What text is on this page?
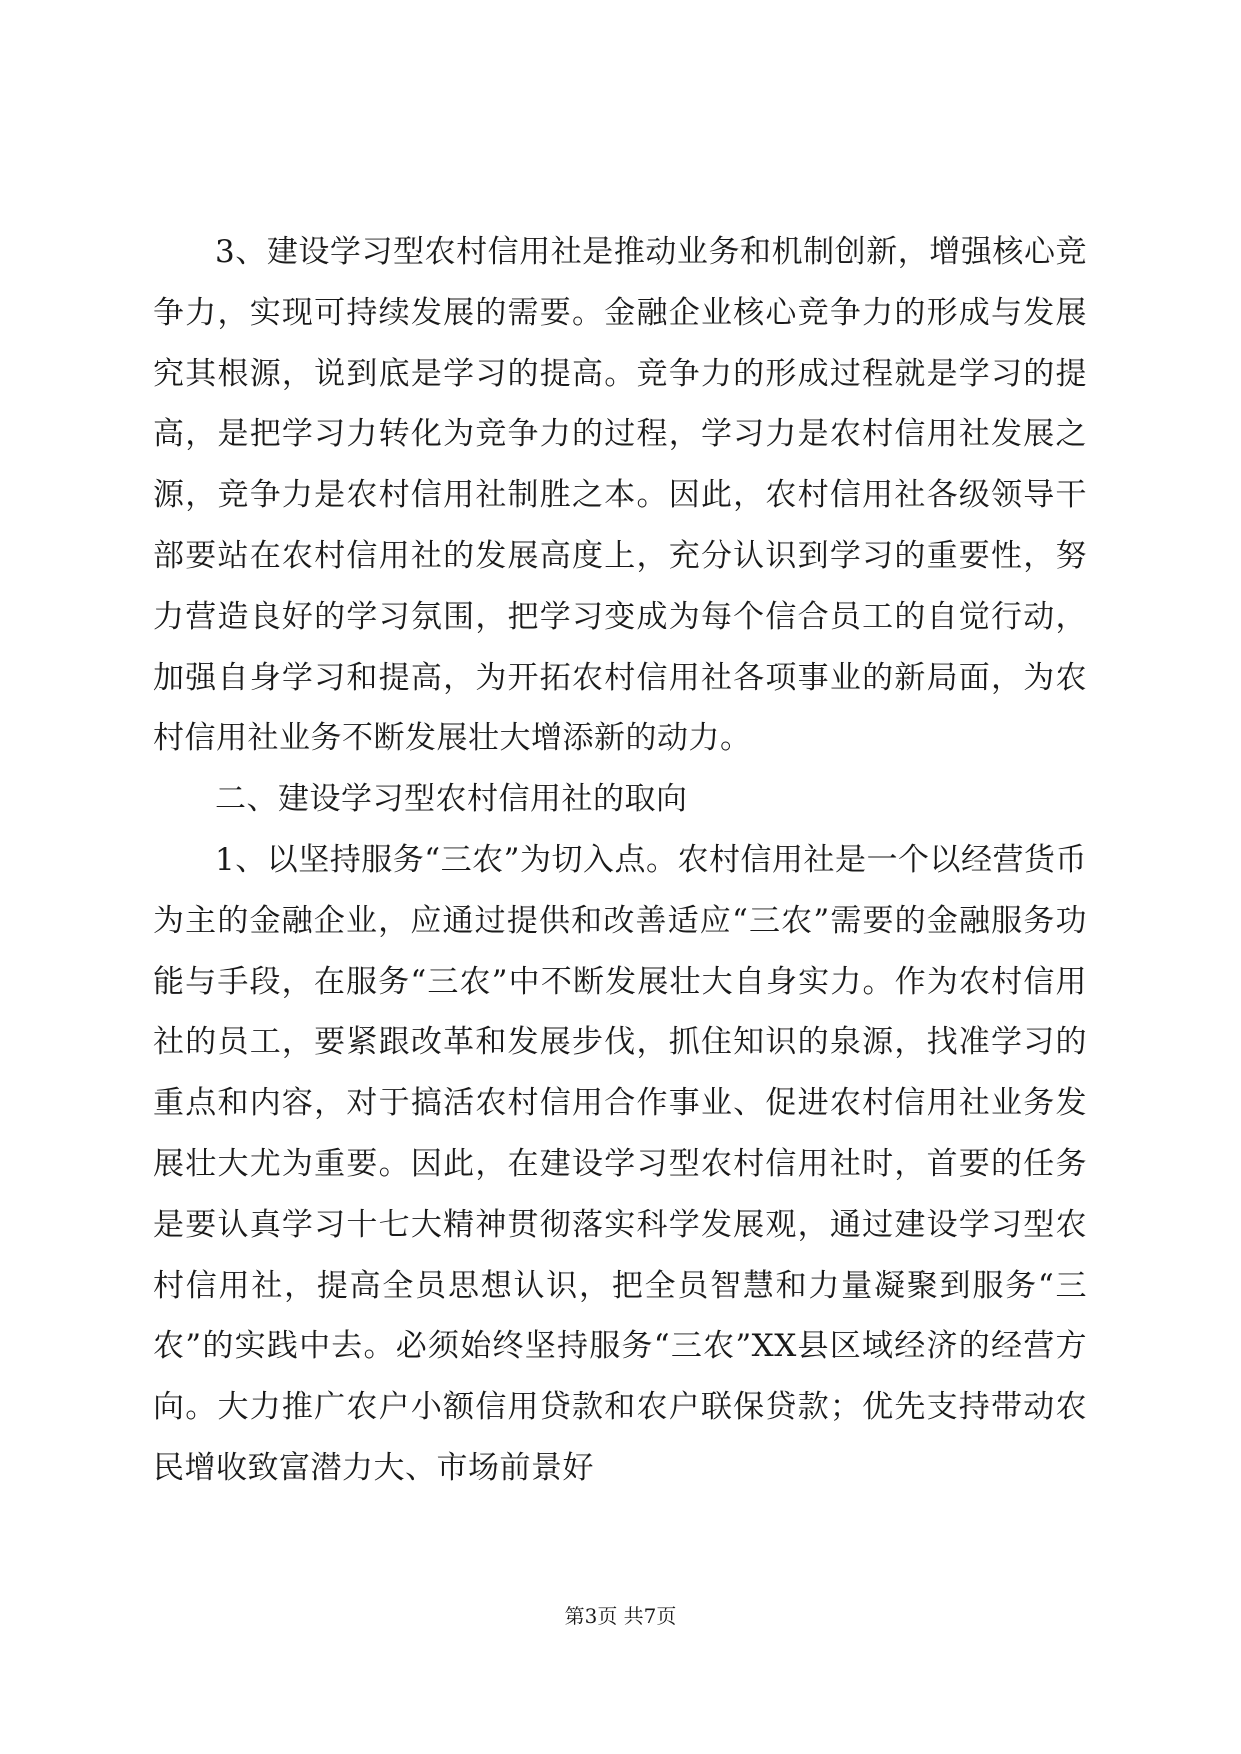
3、建设学习型农村信用社是推动业务和机制创新，增强核心竞争力，实现可持续发展的需要。金融企业核心竞争力的形成与发展究其根源，说到底是学习的提高。竞争力的形成过程就是学习的提高，是把学习力转化为竞争力的过程，学习力是农村信用社发展之源，竞争力是农村信用社制胜之本。因此，农村信用社各级领导干部要站在农村信用社的发展高度上，充分认识到学习的重要性，努力营造良好的学习氛围，把学习变成为每个信合员工的自觉行动，加强自身学习和提高，为开拓农村信用社各项事业的新局面，为农村信用社业务不断发展壮大增添新的动力。

二、建设学习型农村信用社的取向

1、以坚持服务“三农”为切入点。农村信用社是一个以经营货币为主的金融企业，应通过提供和改善适应“三农”需要的金融服务功能与手段，在服务“三农”中不断发展壮大自身实力。作为农村信用社的员工，要紧跟改革和发展步伐，抓住知识的泉源，找准学习的重点和内容，对于搞活农村信用合作事业、促进农村信用社业务发展壮大尤为重要。因此，在建设学习型农村信用社时，首要的任务是要认真学习十七大精神贯彻落实科学发展观，通过建设学习型农村信用社，提高全员思想认识，把全员智慧和力量凝聚到服务“三农”的实践中去。必须始终坚持服务“三农”XX县区域经济的经营方向。大力推广农户小额信用贷款和农户联保贷款；优先支持带动农民增收致富潜力大、市场前景好

第3页 共7页
